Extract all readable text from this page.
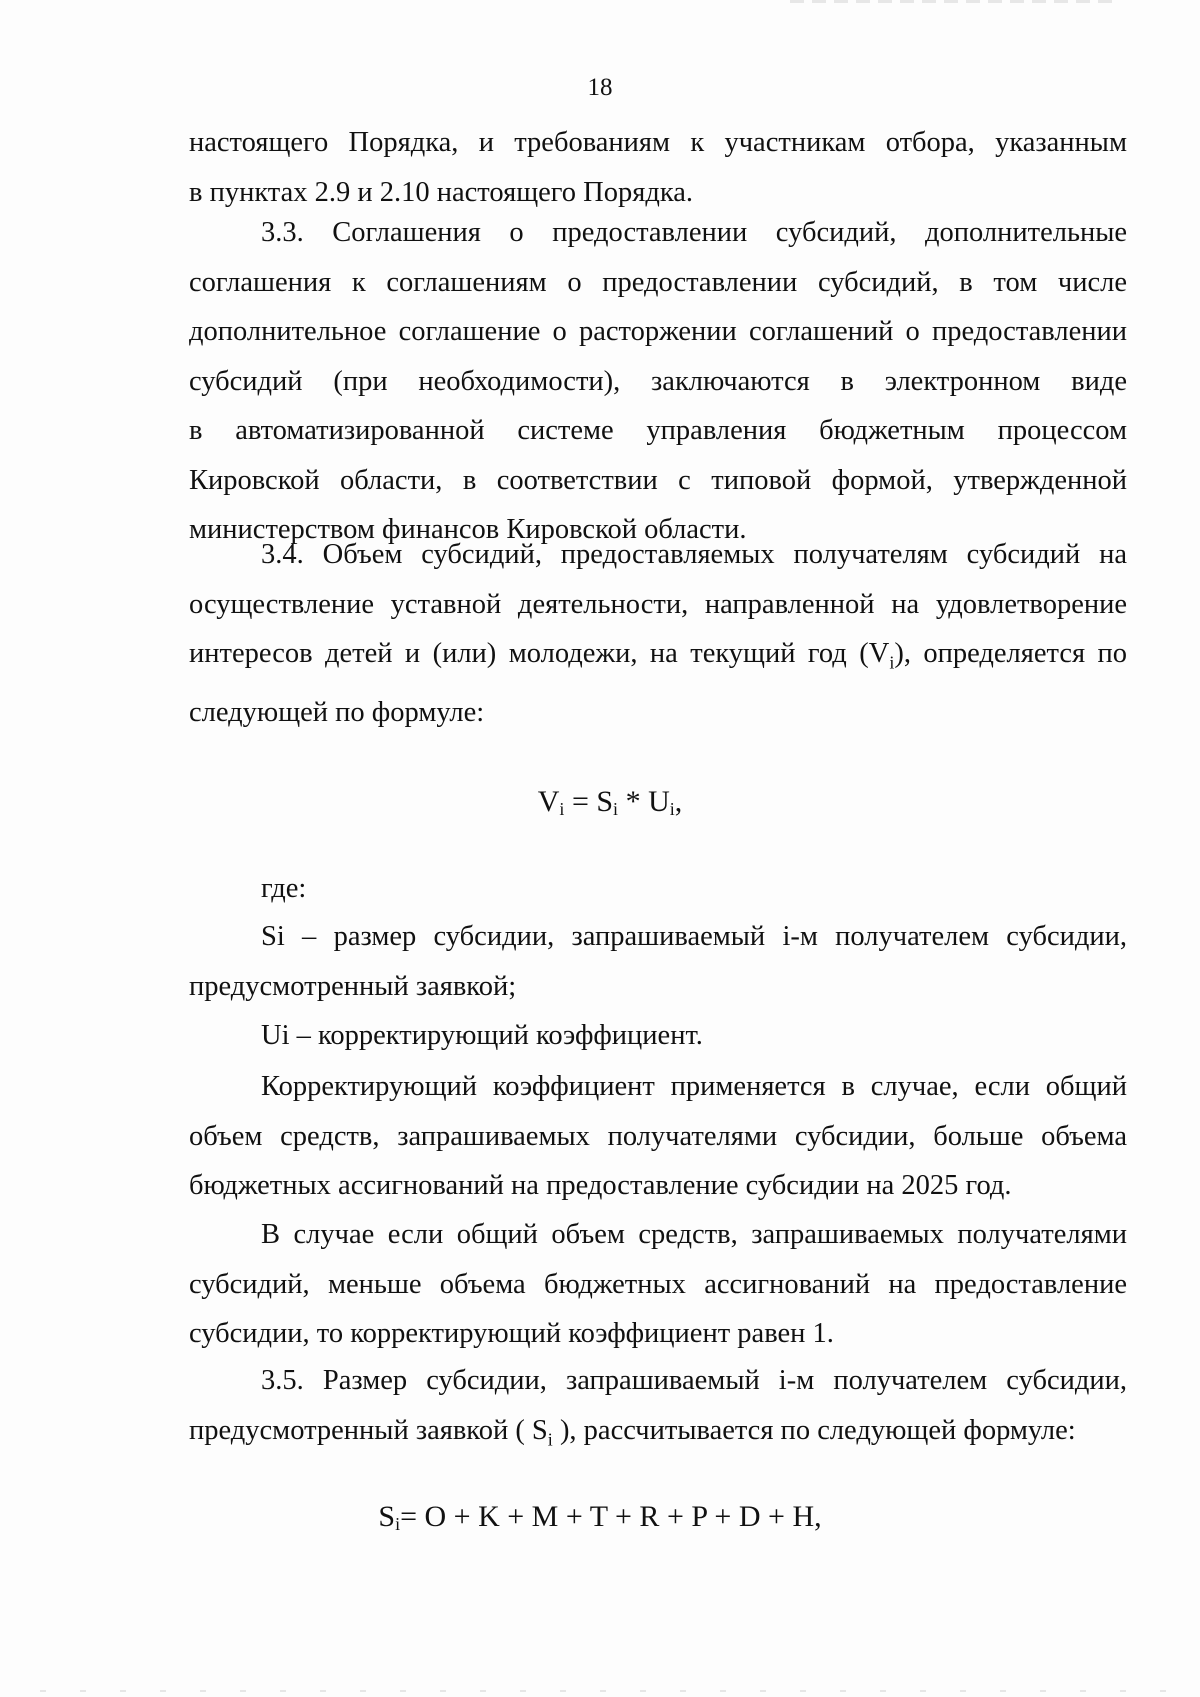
18
настоящего Порядка, и требованиям к участникам отбора, указанным
в пунктах 2.9 и 2.10 настоящего Порядка.
3.3. Соглашения о предоставлении субсидий, дополнительные
соглашения к соглашениям о предоставлении субсидий, в том числе
дополнительное соглашение о расторжении соглашений о предоставлении
субсидий (при необходимости), заключаются в электронном виде
в автоматизированной системе управления бюджетным процессом
Кировской области, в соответствии с типовой формой, утвержденной
министерством финансов Кировской области.
3.4. Объем субсидий, предоставляемых получателям субсидий на
осуществление уставной деятельности, направленной на удовлетворение
интересов детей и (или) молодежи, на текущий год $(V_i)$, определяется по
следующей по формуле:
$V_i = S_i * U_i$,
где:
Si – размер субсидии, запрашиваемый i-м получателем субсидии,
предусмотренный заявкой;
Ui – корректирующий коэффициент.
Корректирующий коэффициент применяется в случае, если общий
объем средств, запрашиваемых получателями субсидии, больше объема
бюджетных ассигнований на предоставление субсидии на 2025 год.
В случае если общий объем средств, запрашиваемых получателями
субсидий, меньше объема бюджетных ассигнований на предоставление
субсидии, то корректирующий коэффициент равен 1.
3.5. Размер субсидии, запрашиваемый i-м получателем субсидии,
предусмотренный заявкой ( $S_i$ ), рассчитывается по следующей формуле:
$S_i= O + K + M + T + R + P + D + H$,
